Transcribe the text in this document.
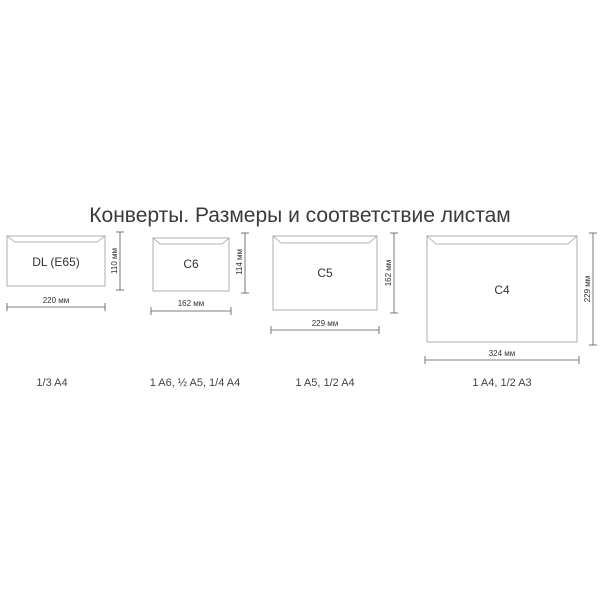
Конверты. Размеры и соответствие листам
DL (E65)
220 мм
110 мм	C6
162 мм
114 мм	C5
229 мм
162 мм
C4
324 мм
229 мм
1/3 A4	1 A6, ½ A5, 1/4 A4	1 A5, 1/2 A4	1 A4, 1/2 A3
